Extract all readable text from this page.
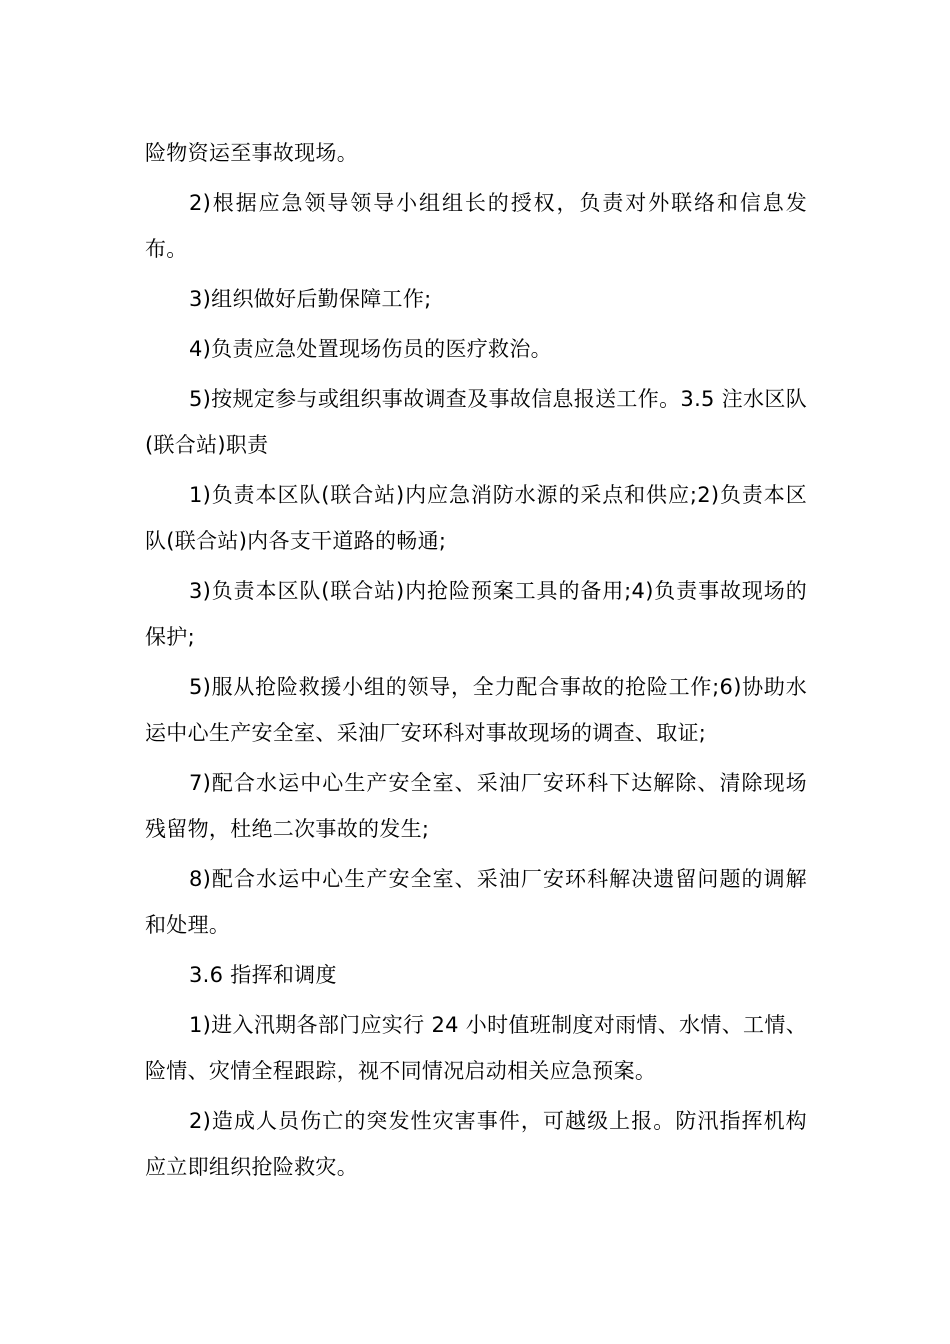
险物资运至事故现场。

2)根据应急领导领导小组组长的授权，负责对外联络和信息发布。

3)组织做好后勤保障工作;

4)负责应急处置现场伤员的医疗救治。

5)按规定参与或组织事故调查及事故信息报送工作。3.5 注水区队(联合站)职责

1)负责本区队(联合站)内应急消防水源的采点和供应;2)负责本区队(联合站)内各支干道路的畅通;

3)负责本区队(联合站)内抢险预案工具的备用;4)负责事故现场的保护;

5)服从抢险救援小组的领导，全力配合事故的抢险工作;6)协助水运中心生产安全室、采油厂安环科对事故现场的调查、取证;

7)配合水运中心生产安全室、采油厂安环科下达解除、清除现场残留物，杜绝二次事故的发生;

8)配合水运中心生产安全室、采油厂安环科解决遗留问题的调解和处理。

3.6 指挥和调度

1)进入汛期各部门应实行 24 小时值班制度对雨情、水情、工情、险情、灾情全程跟踪，视不同情况启动相关应急预案。

2)造成人员伤亡的突发性灾害事件，可越级上报。防汛指挥机构应立即组织抢险救灾。
